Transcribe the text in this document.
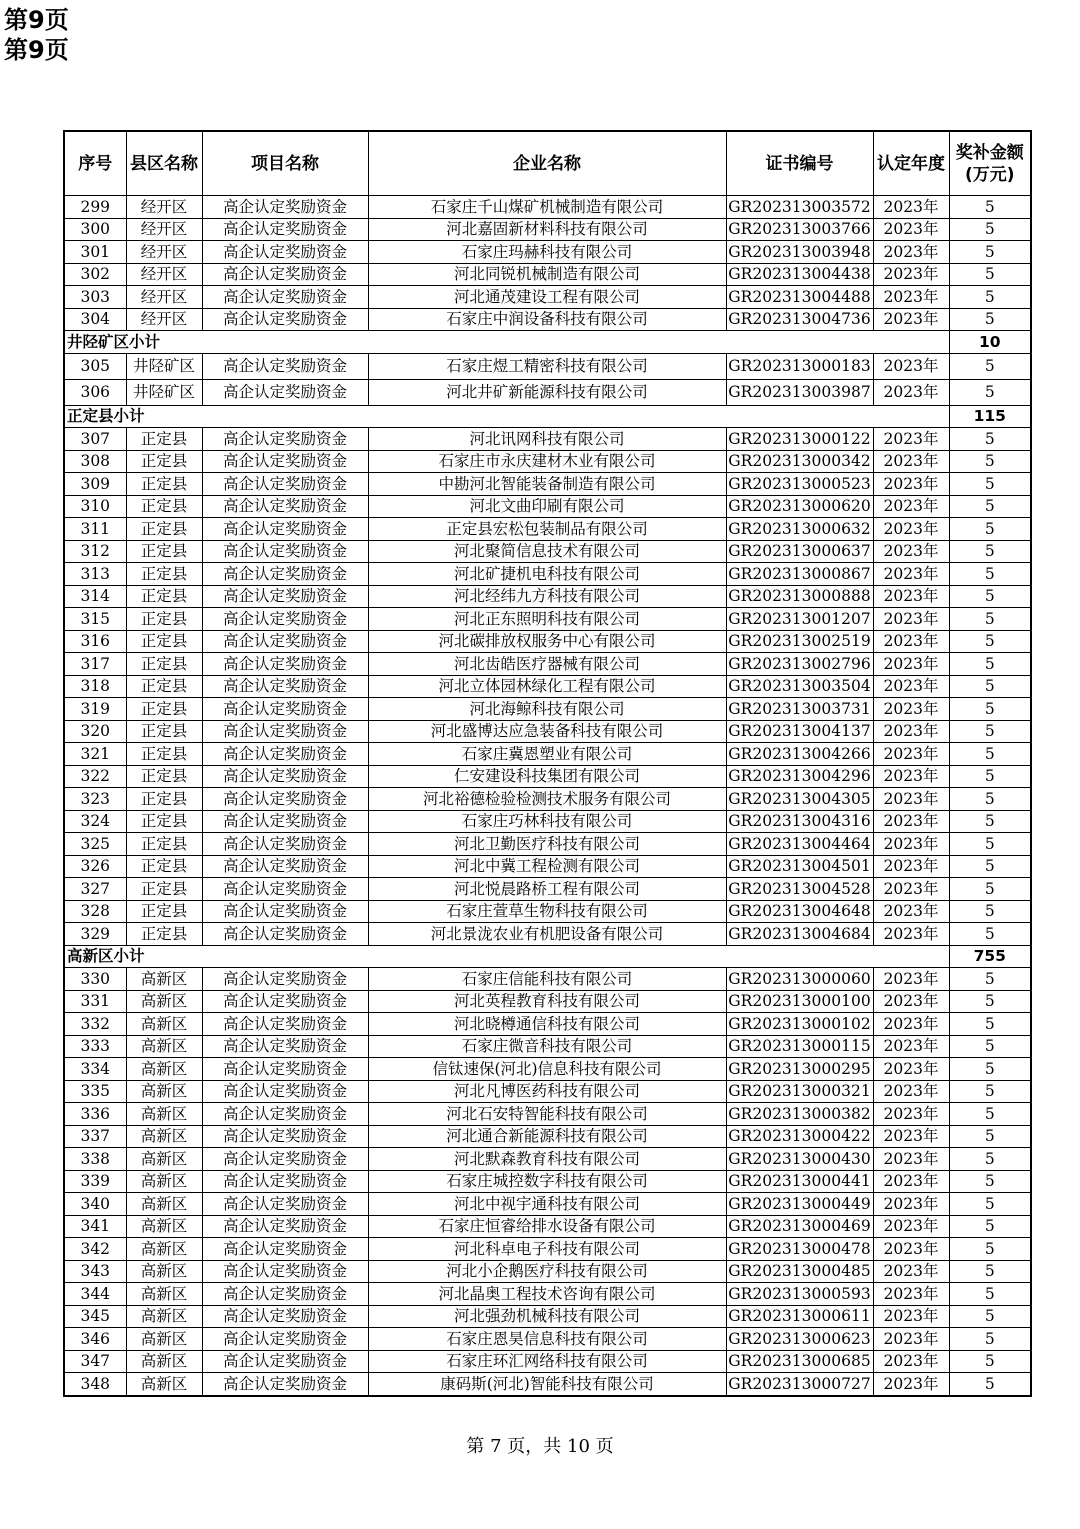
第9页
第9页
序号	县区名称	项目名称	企业名称	证书编号	认定年度	奖补金额
(万元)

299	经开区	高企认定奖励资金	石家庄千山煤矿机械制造有限公司	GR202313003572	2023年	5
300	经开区	高企认定奖励资金	河北嘉固新材料科技有限公司	GR202313003766	2023年	5
301	经开区	高企认定奖励资金	石家庄玛赫科技有限公司	GR202313003948	2023年	5
302	经开区	高企认定奖励资金	河北同锐机械制造有限公司	GR202313004438	2023年	5
303	经开区	高企认定奖励资金	河北通茂建设工程有限公司	GR202313004488	2023年	5
304	经开区	高企认定奖励资金	石家庄中润设备科技有限公司	GR202313004736	2023年	5
井陉矿区小计						10
305	井陉矿区	高企认定奖励资金	石家庄煜工精密科技有限公司	GR202313000183	2023年	5
306	井陉矿区	高企认定奖励资金	河北井矿新能源科技有限公司	GR202313003987	2023年	5
正定县小计						115
307	正定县	高企认定奖励资金	河北讯网科技有限公司	GR202313000122	2023年	5
308	正定县	高企认定奖励资金	石家庄市永庆建材木业有限公司	GR202313000342	2023年	5
309	正定县	高企认定奖励资金	中勘河北智能装备制造有限公司	GR202313000523	2023年	5
310	正定县	高企认定奖励资金	河北文曲印刷有限公司	GR202313000620	2023年	5
311	正定县	高企认定奖励资金	正定县宏松包装制品有限公司	GR202313000632	2023年	5
312	正定县	高企认定奖励资金	河北聚简信息技术有限公司	GR202313000637	2023年	5
313	正定县	高企认定奖励资金	河北矿捷机电科技有限公司	GR202313000867	2023年	5
314	正定县	高企认定奖励资金	河北经纬九方科技有限公司	GR202313000888	2023年	5
315	正定县	高企认定奖励资金	河北正东照明科技有限公司	GR202313001207	2023年	5
316	正定县	高企认定奖励资金	河北碳排放权服务中心有限公司	GR202313002519	2023年	5
317	正定县	高企认定奖励资金	河北齿皓医疗器械有限公司	GR202313002796	2023年	5
318	正定县	高企认定奖励资金	河北立体园林绿化工程有限公司	GR202313003504	2023年	5
319	正定县	高企认定奖励资金	河北海鲸科技有限公司	GR202313003731	2023年	5
320	正定县	高企认定奖励资金	河北盛博达应急装备科技有限公司	GR202313004137	2023年	5
321	正定县	高企认定奖励资金	石家庄冀恩塑业有限公司	GR202313004266	2023年	5
322	正定县	高企认定奖励资金	仁安建设科技集团有限公司	GR202313004296	2023年	5
323	正定县	高企认定奖励资金	河北裕德检验检测技术服务有限公司	GR202313004305	2023年	5
324	正定县	高企认定奖励资金	石家庄巧林科技有限公司	GR202313004316	2023年	5
325	正定县	高企认定奖励资金	河北卫勤医疗科技有限公司	GR202313004464	2023年	5
326	正定县	高企认定奖励资金	河北中冀工程检测有限公司	GR202313004501	2023年	5
327	正定县	高企认定奖励资金	河北悦晨路桥工程有限公司	GR202313004528	2023年	5
328	正定县	高企认定奖励资金	石家庄萱草生物科技有限公司	GR202313004648	2023年	5
329	正定县	高企认定奖励资金	河北景泷农业有机肥设备有限公司	GR202313004684	2023年	5
高新区小计						755
330	高新区	高企认定奖励资金	石家庄信能科技有限公司	GR202313000060	2023年	5
331	高新区	高企认定奖励资金	河北英程教育科技有限公司	GR202313000100	2023年	5
332	高新区	高企认定奖励资金	河北晓樽通信科技有限公司	GR202313000102	2023年	5
333	高新区	高企认定奖励资金	石家庄微音科技有限公司	GR202313000115	2023年	5
334	高新区	高企认定奖励资金	信钛速保(河北)信息科技有限公司	GR202313000295	2023年	5
335	高新区	高企认定奖励资金	河北凡博医药科技有限公司	GR202313000321	2023年	5
336	高新区	高企认定奖励资金	河北石安特智能科技有限公司	GR202313000382	2023年	5
337	高新区	高企认定奖励资金	河北通合新能源科技有限公司	GR202313000422	2023年	5
338	高新区	高企认定奖励资金	河北默森教育科技有限公司	GR202313000430	2023年	5
339	高新区	高企认定奖励资金	石家庄城控数字科技有限公司	GR202313000441	2023年	5
340	高新区	高企认定奖励资金	河北中视宇通科技有限公司	GR202313000449	2023年	5
341	高新区	高企认定奖励资金	石家庄恒睿给排水设备有限公司	GR202313000469	2023年	5
342	高新区	高企认定奖励资金	河北科卓电子科技有限公司	GR202313000478	2023年	5
343	高新区	高企认定奖励资金	河北小企鹅医疗科技有限公司	GR202313000485	2023年	5
344	高新区	高企认定奖励资金	河北晶奥工程技术咨询有限公司	GR202313000593	2023年	5
345	高新区	高企认定奖励资金	河北强劲机械科技有限公司	GR202313000611	2023年	5
346	高新区	高企认定奖励资金	石家庄恩昊信息科技有限公司	GR202313000623	2023年	5
347	高新区	高企认定奖励资金	石家庄环汇网络科技有限公司	GR202313000685	2023年	5
348	高新区	高企认定奖励资金	康码斯(河北)智能科技有限公司	GR202313000727	2023年	5
第 7 页，共 10 页
